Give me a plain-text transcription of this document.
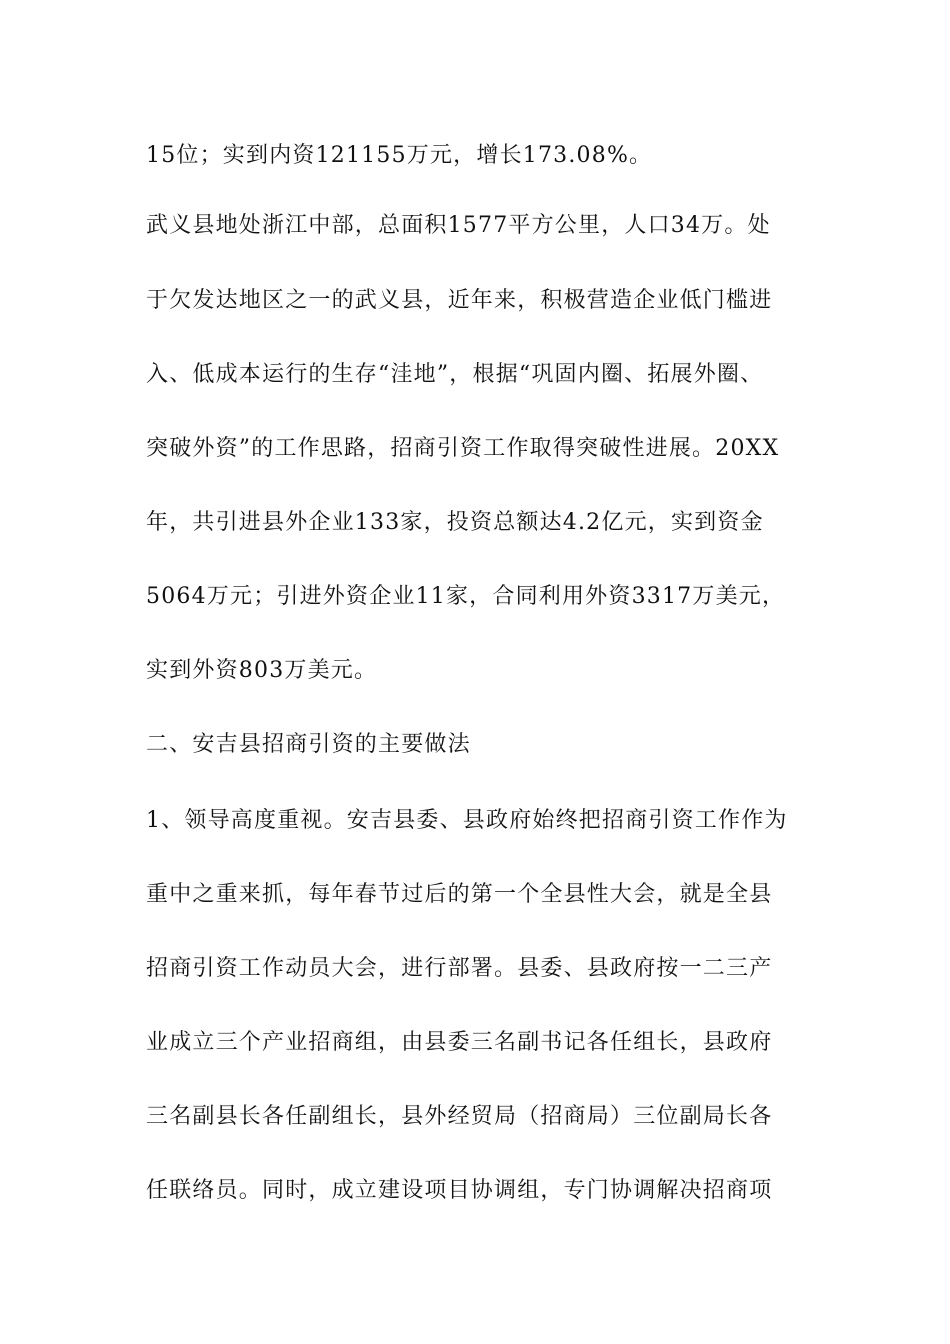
15位；实到内资121155万元，增长173.08%。
武义县地处浙江中部，总面积1577平方公里，人口34万。处
于欠发达地区之一的武义县，近年来，积极营造企业低门槛进
入、低成本运行的生存“洼地”，根据“巩固内圈、拓展外圈、
突破外资”的工作思路，招商引资工作取得突破性进展。20XX
年，共引进县外企业133家，投资总额达4.2亿元，实到资金
5064万元；引进外资企业11家，合同利用外资3317万美元，
实到外资803万美元。
二、安吉县招商引资的主要做法
1、领导高度重视。安吉县委、县政府始终把招商引资工作作为
重中之重来抓，每年春节过后的第一个全县性大会，就是全县
招商引资工作动员大会，进行部署。县委、县政府按一二三产
业成立三个产业招商组，由县委三名副书记各任组长，县政府
三名副县长各任副组长，县外经贸局（招商局）三位副局长各
任联络员。同时，成立建设项目协调组，专门协调解决招商项
